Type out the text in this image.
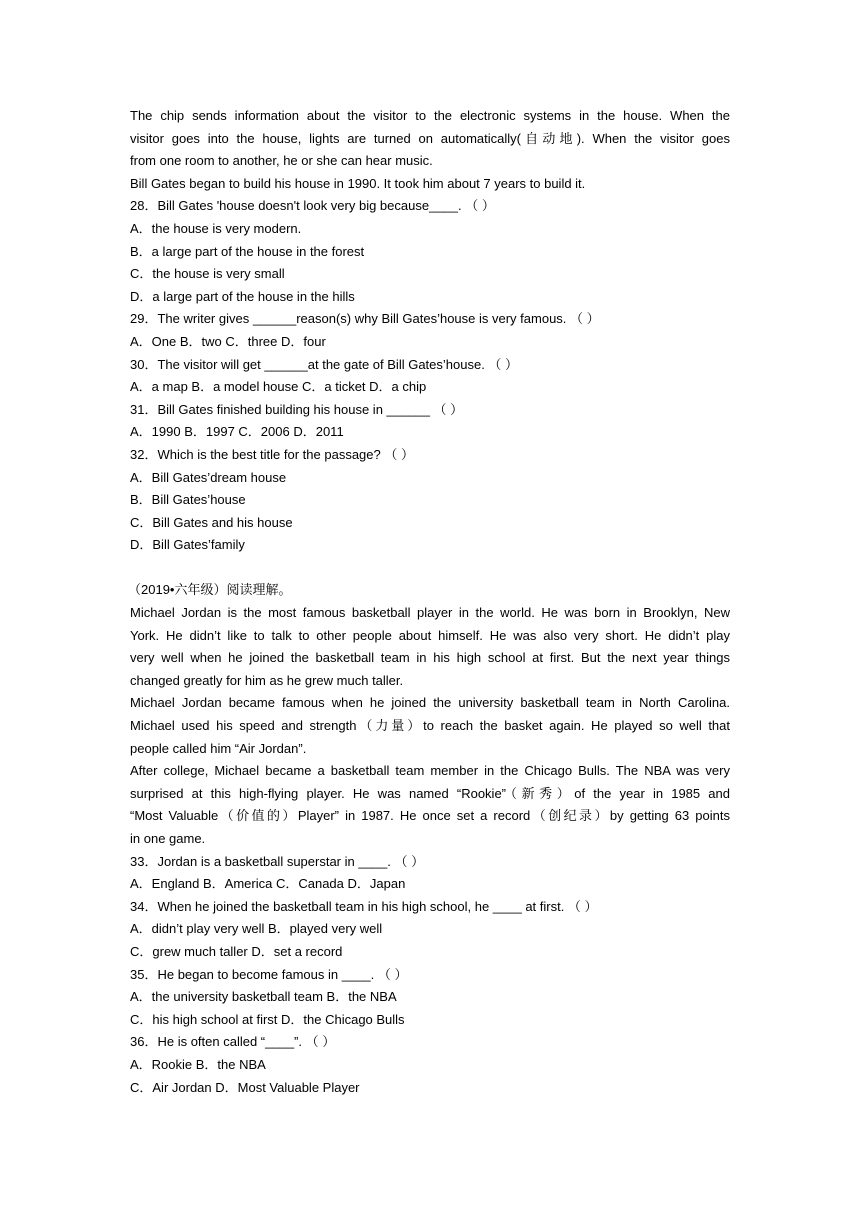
The chip sends information about the visitor to the electronic systems in the house. When the
visitor goes into the house, lights are turned on automatically(自动地). When the visitor goes
from one room to another, he or she can hear music.
Bill Gates began to build his house in 1990. It took him about 7 years to build it.
28．Bill Gates 'house doesn't look very big because____. （ ）
A．the house is very modern.
B．a large part of the house in the forest
C．the house is very small
D．a large part of the house in the hills
29．The writer gives ______reason(s) why Bill Gates’house is very famous. （ ）
A．One B．two C．three D．four
30．The visitor will get ______at the gate of Bill Gates’house. （ ）
A．a map B．a model house C．a ticket D．a chip
31．Bill Gates finished building his house in ______ （ ）
A．1990 B．1997 C．2006 D．2011
32．Which is the best title for the passage? （ ）
A．Bill Gates’dream house
B．Bill Gates’house
C．Bill Gates and his house
D．Bill Gates’family
（2019•六年级）阅读理解。
Michael Jordan is the most famous basketball player in the world. He was born in Brooklyn, New
York. He didn’t like to talk to other people about himself. He was also very short. He didn’t play
very well when he joined the basketball team in his high school at first. But the next year things
changed greatly for him as he grew much taller.
Michael Jordan became famous when he joined the university basketball team in North Carolina.
Michael used his speed and strength（力量）to reach the basket again. He played so well that
people called him “Air Jordan”.
After college, Michael became a basketball team member in the Chicago Bulls. The NBA was very
surprised at this high-flying player. He was named “Rookie”（新秀）of the year in 1985 and
“Most Valuable（价值的）Player” in 1987. He once set a record（创纪录）by getting 63 points
in one game.
33．Jordan is a basketball superstar in ____. （ ）
A．England B．America C．Canada D．Japan
34．When he joined the basketball team in his high school, he ____ at first. （ ）
A．didn’t play very well B．played very well
C．grew much taller D．set a record
35．He began to become famous in ____. （ ）
A．the university basketball team B．the NBA
C．his high school at first D．the Chicago Bulls
36．He is often called “____”. （ ）
A．Rookie B．the NBA
C．Air Jordan D．Most Valuable Player
